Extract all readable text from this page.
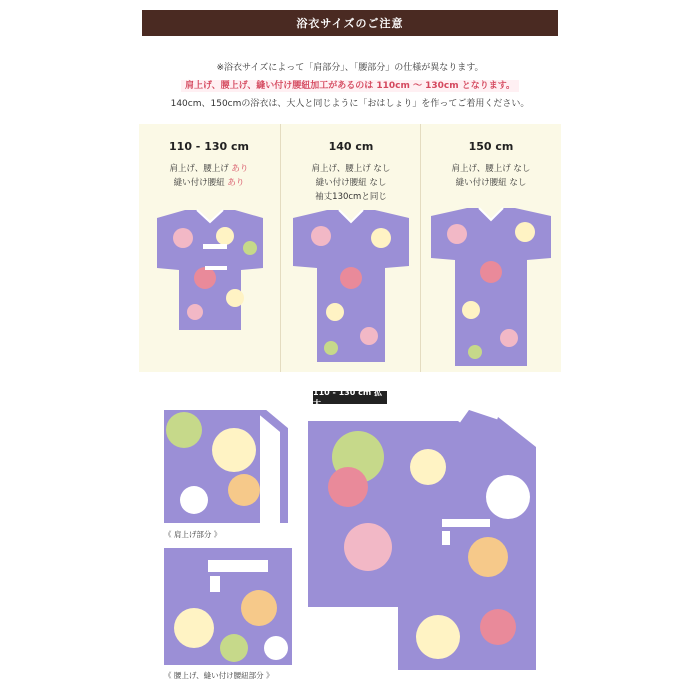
浴衣サイズのご注意
※浴衣サイズによって「肩部分」、「腰部分」の仕様が異なります。
肩上げ、腰上げ、縫い付け腰紐加工があるのは 110cm 〜 130cm となります。
140cm、150cmの浴衣は、大人と同じように「おはしょり」を作ってご着用ください。
110 - 130 cm
肩上げ、腰上げ あり
縫い付け腰紐 あり
140 cm
肩上げ、腰上げ なし
縫い付け腰紐 なし
袖丈130cmと同じ
150 cm
肩上げ、腰上げ なし
縫い付け腰紐 なし
110 - 130 cm 拡大
《 肩上げ部分 》
《 腰上げ、縫い付け腰紐部分 》
